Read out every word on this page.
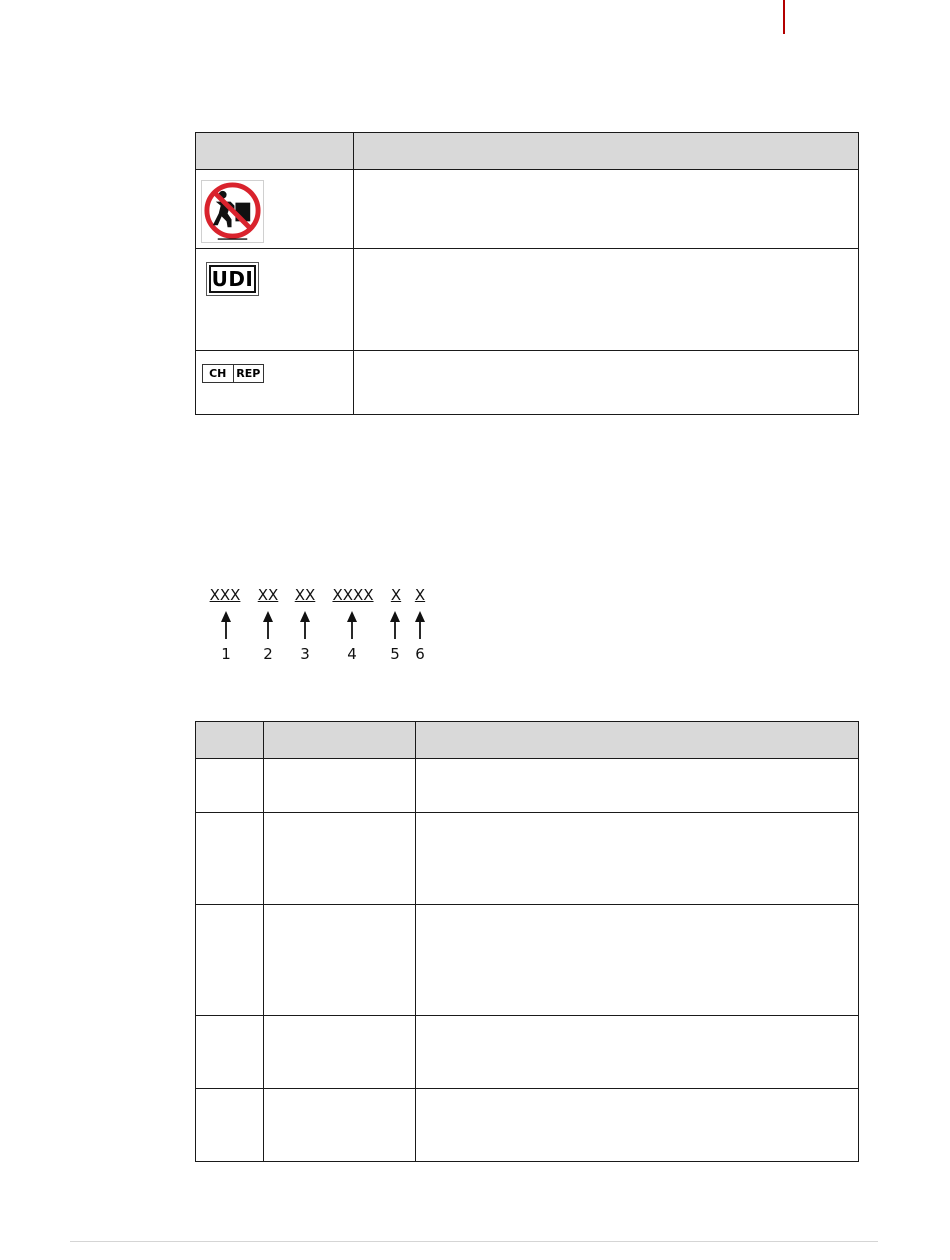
UDI	

CH REP	

XXX	XX	XX	XXXX	X X
1	2	3	4	5	6
